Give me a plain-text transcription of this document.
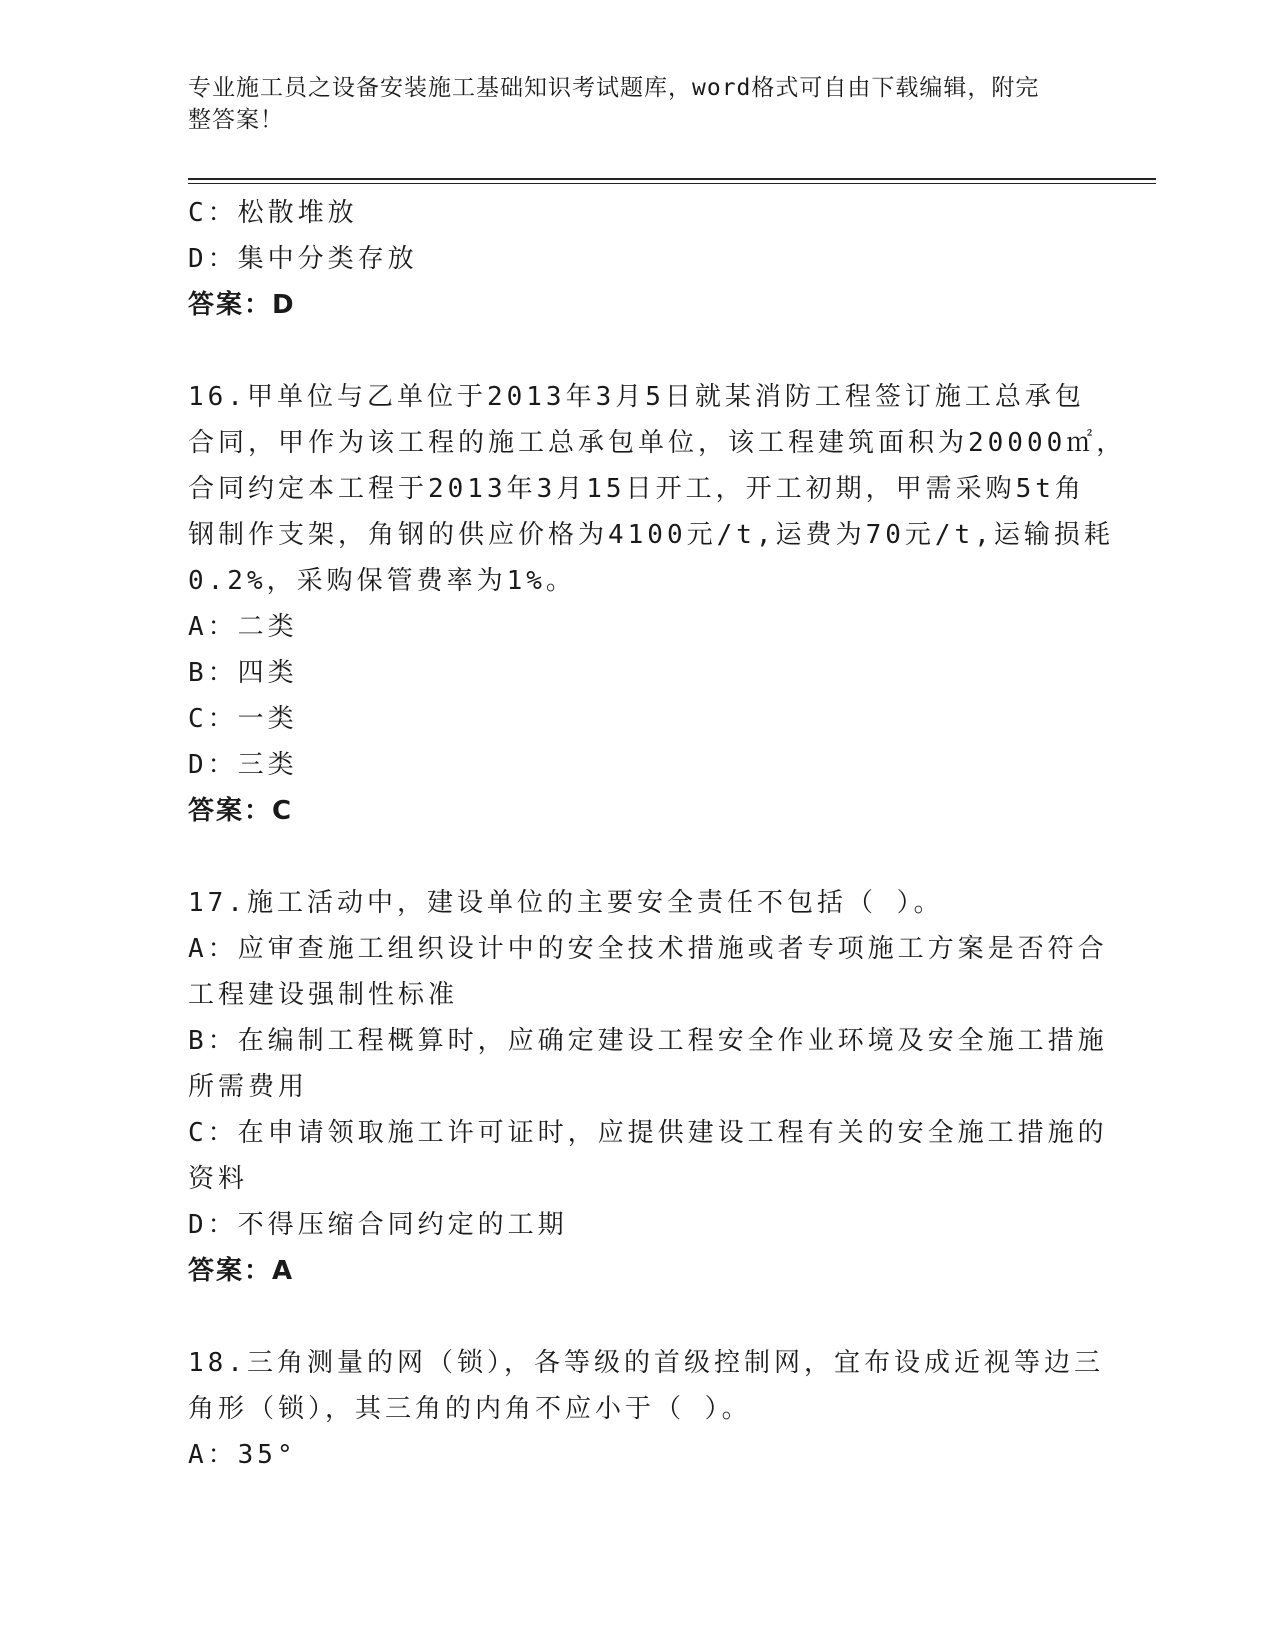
专业施工员之设备安装施工基础知识考试题库，word格式可自由下载编辑，附完
整答案！
C：松散堆放
D：集中分类存放
答案：D
16.甲单位与乙单位于2013年3月5日就某消防工程签订施工总承包
合同，甲作为该工程的施工总承包单位，该工程建筑面积为20000㎡，
合同约定本工程于2013年3月15日开工，开工初期，甲需采购5t角
钢制作支架，角钢的供应价格为4100元/t,运费为70元/t,运输损耗
0.2%，采购保管费率为1%。
A：二类
B：四类
C：一类
D：三类
答案：C
17.施工活动中，建设单位的主要安全责任不包括（ ）。
A：应审查施工组织设计中的安全技术措施或者专项施工方案是否符合
工程建设强制性标准
B：在编制工程概算时，应确定建设工程安全作业环境及安全施工措施
所需费用
C：在申请领取施工许可证时，应提供建设工程有关的安全施工措施的
资料
D：不得压缩合同约定的工期
答案：A
18.三角测量的网（锁），各等级的首级控制网，宜布设成近视等边三
角形（锁），其三角的内角不应小于（ ）。
A：35°
